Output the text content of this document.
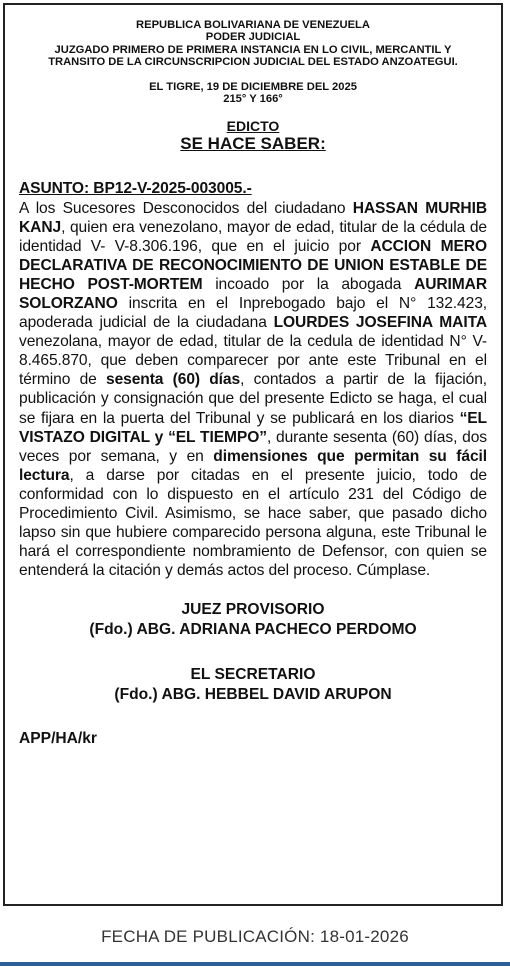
REPUBLICA BOLIVARIANA DE VENEZUELA
PODER JUDICIAL
JUZGADO PRIMERO DE PRIMERA INSTANCIA EN LO CIVIL, MERCANTIL Y
TRANSITO DE LA CIRCUNSCRIPCION JUDICIAL DEL ESTADO ANZOATEGUI.
EL TIGRE, 19 DE DICIEMBRE DEL 2025
215° Y 166°
EDICTO
SE HACE SABER:
ASUNTO: BP12-V-2025-003005.-
A los Sucesores Desconocidos del ciudadano HASSAN MURHIB KANJ, quien era venezolano, mayor de edad, titular de la cédula de identidad V- V-8.306.196, que en el juicio por ACCION MERO DECLARATIVA DE RECONOCIMIENTO DE UNION ESTABLE DE HECHO POST-MORTEM incoado por la abogada AURIMAR SOLORZANO inscrita en el Inprebogado bajo el N° 132.423, apoderada judicial de la ciudadana LOURDES JOSEFINA MAITA venezolana, mayor de edad, titular de la cedula de identidad N° V-8.465.870, que deben comparecer por ante este Tribunal en el término de sesenta (60) días, contados a partir de la fijación, publicación y consignación que del presente Edicto se haga, el cual se fijara en la puerta del Tribunal y se publicará en los diarios “EL VISTAZO DIGITAL y “EL TIEMPO”, durante sesenta (60) días, dos veces por semana, y en dimensiones que permitan su fácil lectura, a darse por citadas en el presente juicio, todo de conformidad con lo dispuesto en el artículo 231 del Código de Procedimiento Civil. Asimismo, se hace saber, que pasado dicho lapso sin que hubiere comparecido persona alguna, este Tribunal le hará el correspondiente nombramiento de Defensor, con quien se entenderá la citación y demás actos del proceso. Cúmplase.
JUEZ PROVISORIO
(Fdo.) ABG. ADRIANA PACHECO PERDOMO
EL SECRETARIO
(Fdo.) ABG. HEBBEL DAVID ARUPON
APP/HA/kr
FECHA DE PUBLICACIÓN: 18-01-2026
